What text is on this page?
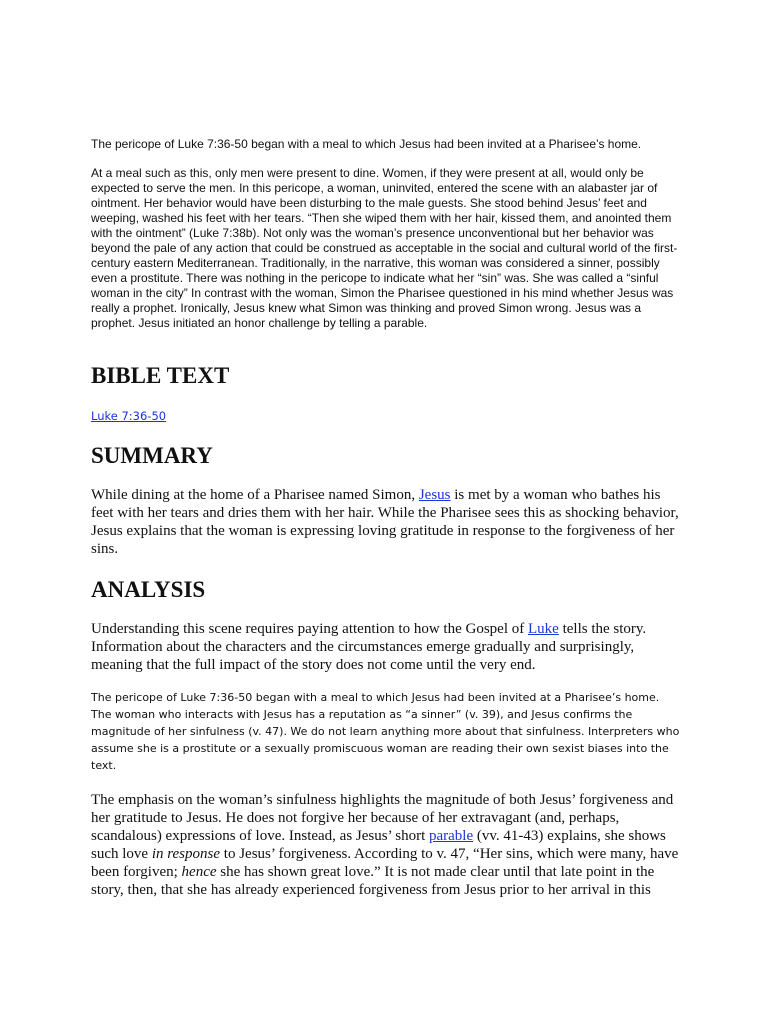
The pericope of Luke 7:36-50 began with a meal to which Jesus had been invited at a Pharisee’s home.

At a meal such as this, only men were present to dine. Women, if they were present at all, would only be expected to serve the men. In this pericope, a woman, uninvited, entered the scene with an alabaster jar of ointment. Her behavior would have been disturbing to the male guests. She stood behind Jesus’ feet and weeping, washed his feet with her tears. “Then she wiped them with her hair, kissed them, and anointed them with the ointment” (Luke 7:38b). Not only was the woman’s presence unconventional but her behavior was beyond the pale of any action that could be construed as acceptable in the social and cultural world of the first-century eastern Mediterranean. Traditionally, in the narrative, this woman was considered a sinner, possibly even a prostitute. There was nothing in the pericope to indicate what her “sin” was. She was called a “sinful woman in the city” In contrast with the woman, Simon the Pharisee questioned in his mind whether Jesus was really a prophet. Ironically, Jesus knew what Simon was thinking and proved Simon wrong. Jesus was a prophet. Jesus initiated an honor challenge by telling a parable.

BIBLE TEXT

Luke 7:36-50

SUMMARY

While dining at the home of a Pharisee named Simon, Jesus is met by a woman who bathes his feet with her tears and dries them with her hair. While the Pharisee sees this as shocking behavior, Jesus explains that the woman is expressing loving gratitude in response to the forgiveness of her sins.

ANALYSIS

Understanding this scene requires paying attention to how the Gospel of Luke tells the story. Information about the characters and the circumstances emerge gradually and surprisingly, meaning that the full impact of the story does not come until the very end.

The pericope of Luke 7:36-50 began with a meal to which Jesus had been invited at a Pharisee’s home. The woman who interacts with Jesus has a reputation as “a sinner” (v. 39), and Jesus confirms the magnitude of her sinfulness (v. 47). We do not learn anything more about that sinfulness. Interpreters who assume she is a prostitute or a sexually promiscuous woman are reading their own sexist biases into the text.

The emphasis on the woman’s sinfulness highlights the magnitude of both Jesus’ forgiveness and her gratitude to Jesus. He does not forgive her because of her extravagant (and, perhaps, scandalous) expressions of love. Instead, as Jesus’ short parable (vv. 41-43) explains, she shows such love in response to Jesus’ forgiveness. According to v. 47, “Her sins, which were many, have been forgiven; hence she has shown great love.” It is not made clear until that late point in the story, then, that she has already experienced forgiveness from Jesus prior to her arrival in this
